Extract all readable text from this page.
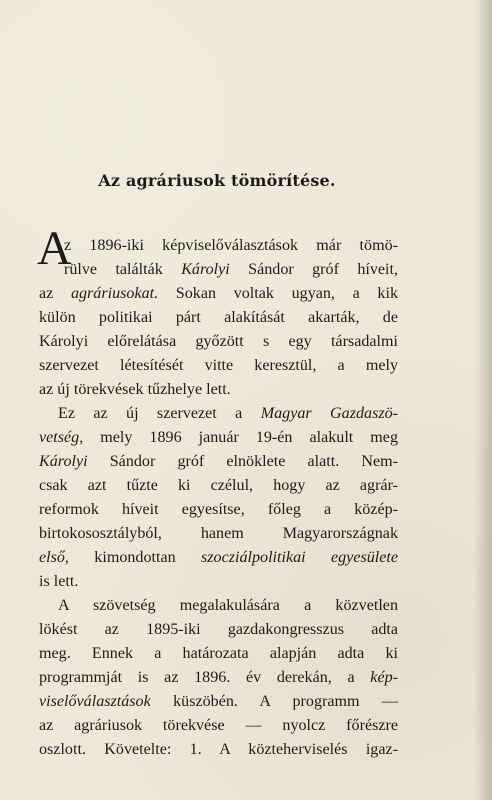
Az agráriusok tömörítése.
A
z 1896-iki képviselőválasztások már tömö-
rülve találták Károlyi Sándor gróf híveit,
az agráriusokat. Sokan voltak ugyan, a kik
külön politikai párt alakítását akarták, de
Károlyi előrelátása győzött s egy társadalmi
szervezet létesítését vitte keresztül, a mely
az új törekvések tűzhelye lett.
Ez az új szervezet a Magyar Gazdaszö-
vetség, mely 1896 január 19-én alakult meg
Károlyi Sándor gróf elnöklete alatt. Nem-
csak azt tűzte ki czélul, hogy az agrár-
reformok híveit egyesítse, főleg a közép-
birtokososztályból, hanem Magyarországnak
első, kimondottan szocziálpolitikai egyesülete
is lett.
A szövetség megalakulására a közvetlen
lökést az 1895-iki gazdakongresszus adta
meg. Ennek a határozata alapján adta ki
programmját is az 1896. év derekán, a kép-
viselőválasztások küszöbén. A programm —
az agráriusok törekvése — nyolcz főrészre
oszlott. Követelte: 1. A közteherviselés igaz-
